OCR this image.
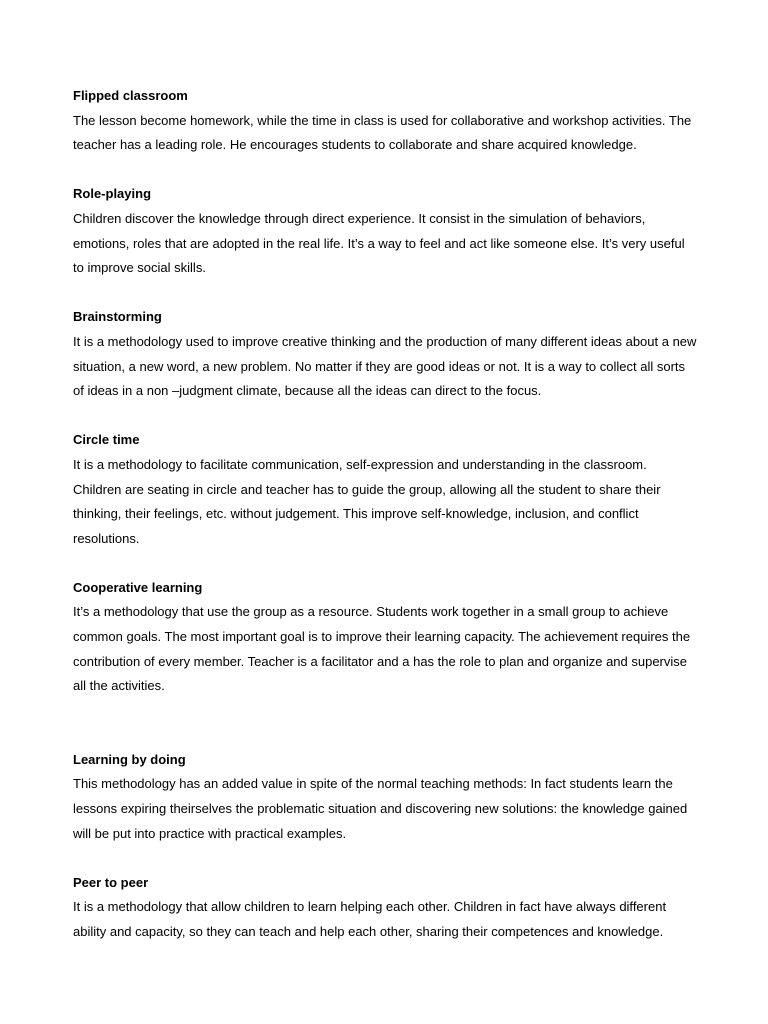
Flipped classroom

The lesson become homework, while the time in class is used for collaborative and workshop activities. The teacher has a leading role. He encourages students to collaborate and share acquired knowledge.

Role-playing

Children discover the knowledge through direct experience. It consist in the simulation of behaviors, emotions, roles that are adopted in the real life. It’s a way to feel and act like someone else. It’s very useful to improve social skills.

Brainstorming

It is a methodology used to improve creative thinking and the production of many different ideas about a new situation, a new word, a new problem. No matter if they are good ideas or not. It is a way to collect all sorts of ideas in a non –judgment climate, because all the ideas can direct to the focus.

Circle time

It is a methodology to facilitate communication, self-expression and understanding in the classroom. Children are seating in circle and teacher has to guide the group, allowing all the student to share their thinking, their feelings, etc. without judgement. This improve self-knowledge, inclusion, and conflict resolutions.

Cooperative learning

It’s a methodology that use the group as a resource. Students work together in a small group to achieve common goals. The most important goal is to improve their learning capacity. The achievement requires the contribution of every member. Teacher is a facilitator and a has the role to plan and organize and supervise all the activities.

Learning by doing

This methodology has an added value in spite of the normal teaching methods: In fact students learn the lessons expiring theirselves the problematic situation and discovering new solutions: the knowledge gained will be put into practice with practical examples.

Peer to peer

It is a methodology that allow children to learn helping each other. Children in fact have always different ability and capacity, so they can teach and help each other, sharing their competences and knowledge.
